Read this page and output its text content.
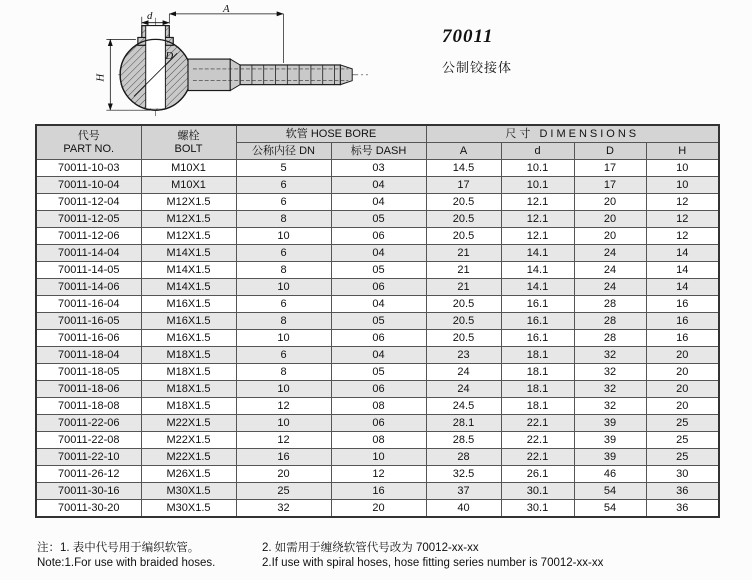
A
d
H
D
70011
公制铰接体
代号
PART NO.

螺栓
BOLT
	软管 HOSE BORE	尺寸 DIMENSIONS
		公称内径 DN	标号 DASH	A	d	D	H
70011-10-03	M10X1	5	03	14.5	10.1	17	10
70011-10-04	M10X1	6	04	17	10.1	17	10
70011-12-04	M12X1.5	6	04	20.5	12.1	20	12
70011-12-05	M12X1.5	8	05	20.5	12.1	20	12
70011-12-06	M12X1.5	10	06	20.5	12.1	20	12
70011-14-04	M14X1.5	6	04	21	14.1	24	14
70011-14-05	M14X1.5	8	05	21	14.1	24	14
70011-14-06	M14X1.5	10	06	21	14.1	24	14
70011-16-04	M16X1.5	6	04	20.5	16.1	28	16
70011-16-05	M16X1.5	8	05	20.5	16.1	28	16
70011-16-06	M16X1.5	10	06	20.5	16.1	28	16
70011-18-04	M18X1.5	6	04	23	18.1	32	20
70011-18-05	M18X1.5	8	05	24	18.1	32	20
70011-18-06	M18X1.5	10	06	24	18.1	32	20
70011-18-08	M18X1.5	12	08	24.5	18.1	32	20
70011-22-06	M22X1.5	10	06	28.1	22.1	39	25
70011-22-08	M22X1.5	12	08	28.5	22.1	39	25
70011-22-10	M22X1.5	16	10	28	22.1	39	25
70011-26-12	M26X1.5	20	12	32.5	26.1	46	30
70011-30-16	M30X1.5	25	16	37	30.1	54	36
70011-30-20	M30X1.5	32	20	40	30.1	54	36
注：1. 表中代号用于编织软管。	2. 如需用于缠绕软管代号改为 70012-xx-xx
Note:1.For use with braided hoses.	2.If use with spiral hoses, hose fitting series number is 70012-xx-xx
